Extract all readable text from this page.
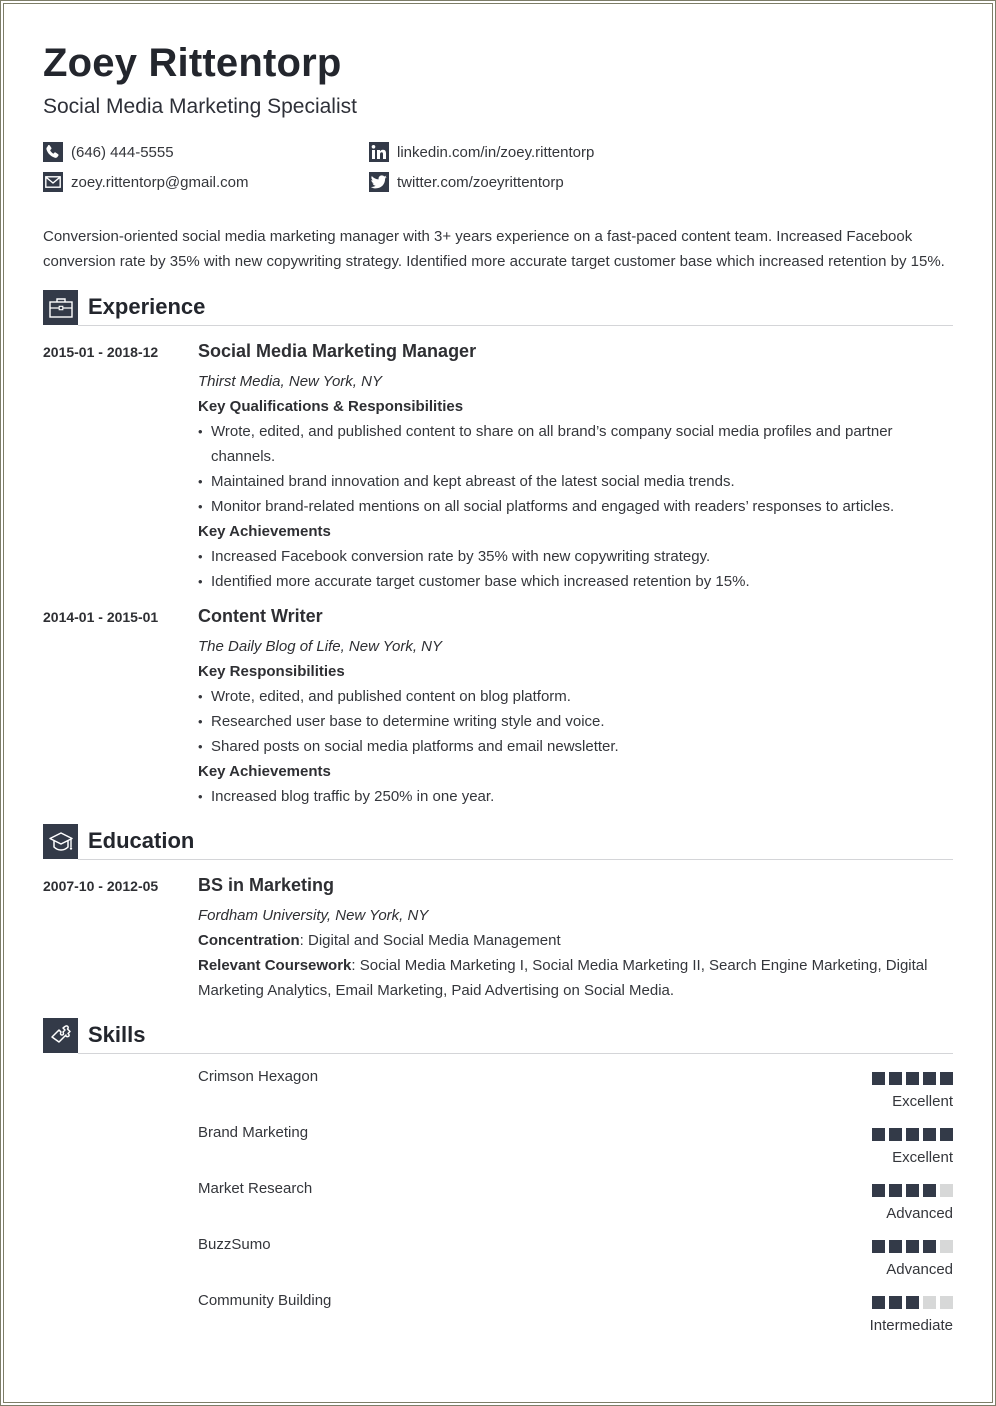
Zoey Rittentorp
Social Media Marketing Specialist
(646) 444-5555
zoey.rittentorp@gmail.com
linkedin.com/in/zoey.rittentorp
twitter.com/zoeyrittentorp
Conversion-oriented social media marketing manager with 3+ years experience on a fast-paced content team. Increased Facebook conversion rate by 35% with new copywriting strategy. Identified more accurate target customer base which increased retention by 15%.
Experience
2015-01 - 2018-12 Social Media Marketing Manager
Thirst Media, New York, NY
Key Qualifications & Responsibilities
• Wrote, edited, and published content to share on all brand’s company social media profiles and partner channels.
• Maintained brand innovation and kept abreast of the latest social media trends.
• Monitor brand-related mentions on all social platforms and engaged with readers’ responses to articles.
Key Achievements
• Increased Facebook conversion rate by 35% with new copywriting strategy.
• Identified more accurate target customer base which increased retention by 15%.
2014-01 - 2015-01 Content Writer
The Daily Blog of Life, New York, NY
Key Responsibilities
• Wrote, edited, and published content on blog platform.
• Researched user base to determine writing style and voice.
• Shared posts on social media platforms and email newsletter.
Key Achievements
• Increased blog traffic by 250% in one year.
Education
2007-10 - 2012-05 BS in Marketing
Fordham University, New York, NY
Concentration: Digital and Social Media Management
Relevant Coursework: Social Media Marketing I, Social Media Marketing II, Search Engine Marketing, Digital Marketing Analytics, Email Marketing, Paid Advertising on Social Media.
Skills
Crimson Hexagon
Excellent
Brand Marketing
Excellent
Market Research
Advanced
BuzzSumo
Advanced
Community Building
Intermediate
